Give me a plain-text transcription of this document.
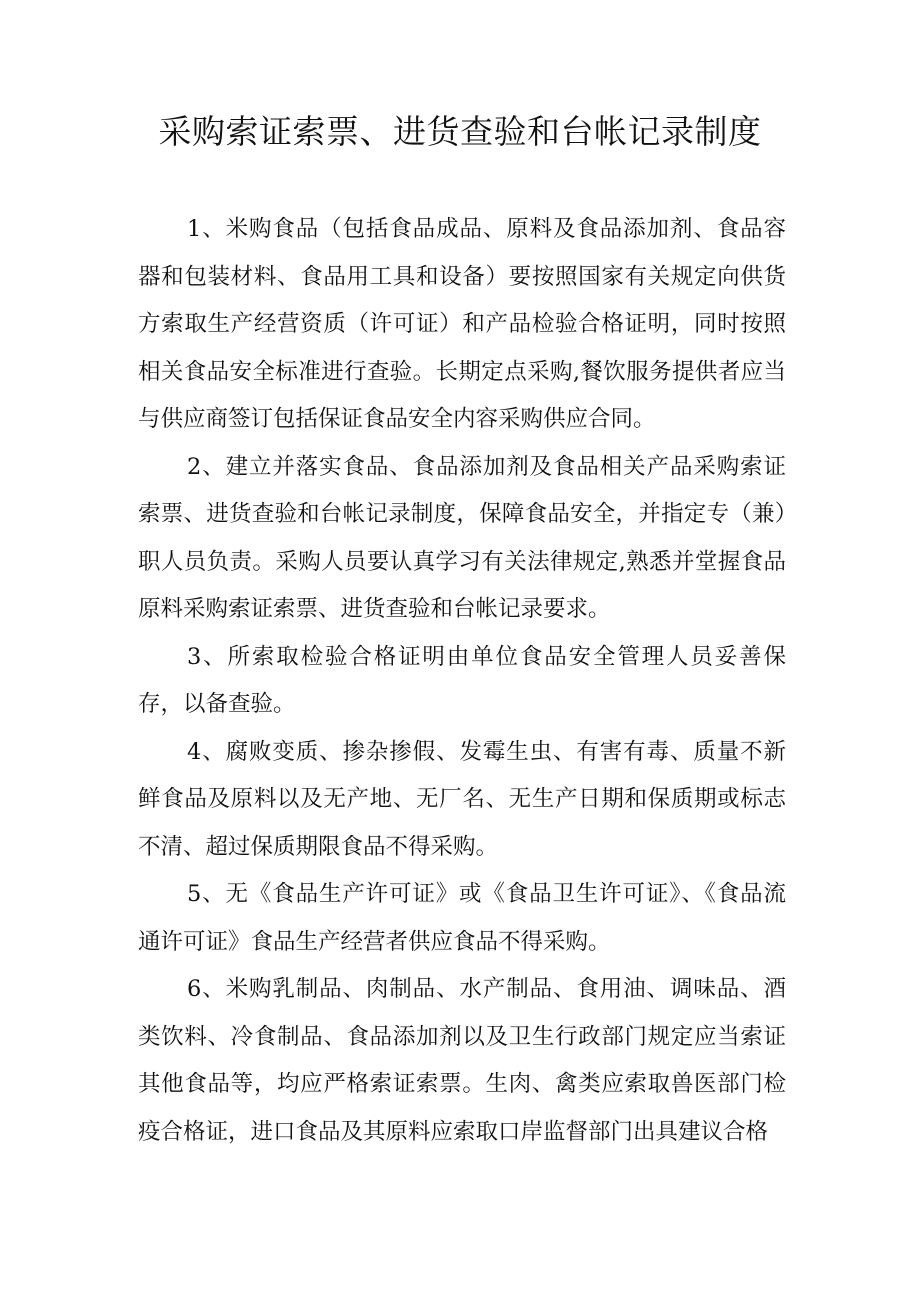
采购索证索票、进货查验和台帐记录制度

1、米购食品（包括食品成品、原料及食品添加剂、食品容器和包装材料、食品用工具和设备）要按照国家有关规定向供货方索取生产经营资质（许可证）和产品检验合格证明，同时按照相关食品安全标准进行查验。长期定点采购,餐饮服务提供者应当与供应商签订包括保证食品安全内容采购供应合同。

2、建立并落实食品、食品添加剂及食品相关产品采购索证索票、进货查验和台帐记录制度，保障食品安全，并指定专（兼）职人员负责。采购人员要认真学习有关法律规定,熟悉并堂握食品原料采购索证索票、进货查验和台帐记录要求。

3、所索取检验合格证明由单位食品安全管理人员妥善保存，以备查验。

4、腐败变质、掺杂掺假、发霉生虫、有害有毒、质量不新鲜食品及原料以及无产地、无厂名、无生产日期和保质期或标志不清、超过保质期限食品不得采购。

5、无《食品生产许可证》或《食品卫生许可证》、《食品流通许可证》食品生产经营者供应食品不得采购。

6、米购乳制品、肉制品、水产制品、食用油、调味品、酒类饮料、冷食制品、食品添加剂以及卫生行政部门规定应当索证其他食品等，均应严格索证索票。生肉、禽类应索取兽医部门检疫合格证，进口食品及其原料应索取口岸监督部门出具建议合格
